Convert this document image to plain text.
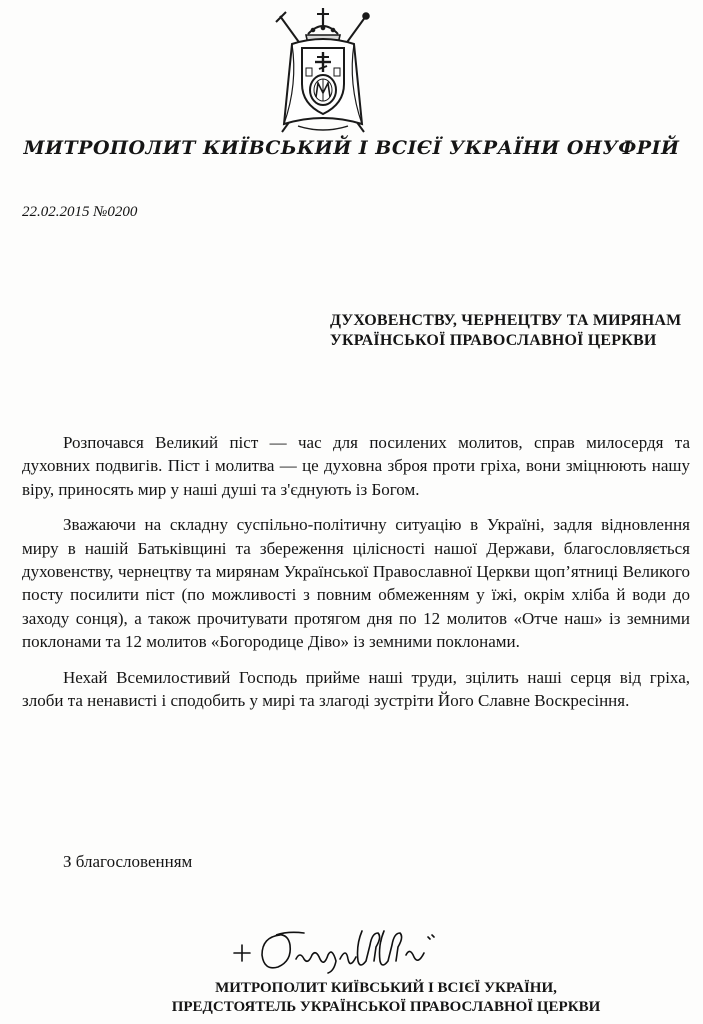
МИТРОПОЛИТ КИЇВСЬКИЙ І ВСІЄЇ УКРАЇНИ ОНУФРІЙ
22.02.2015 №0200
ДУХОВЕНСТВУ, ЧЕРНЕЦТВУ ТА МИРЯНАМ
УКРАЇНСЬКОЇ ПРАВОСЛАВНОЇ ЦЕРКВИ

Розпочався Великий піст — час для посилених молитов, справ милосердя та духовних подвигів. Піст і молитва — це духовна зброя проти гріха, вони зміцнюють нашу віру, приносять мир у наші душі та з'єднують із Богом.

Зважаючи на складну суспільно-політичну ситуацію в Україні, задля відновлення миру в нашій Батьківщині та збереження цілісності нашої Держави, благословляється духовенству, чернецтву та мирянам Української Православної Церкви щоп’ятниці Великого посту посилити піст (по можливості з повним обмеженням у їжі, окрім хліба й води до заходу сонця), а також прочитувати протягом дня по 12 молитов «Отче наш» із земними поклонами та 12 молитов «Богородице Діво» із земними поклонами.

Нехай Всемилостивий Господь прийме наші труди, зцілить наші серця від гріха, злоби та ненависті і сподобить у мирі та злагоді зустріти Його Славне Воскресіння.

З благословенням
МИТРОПОЛИТ КИЇВСЬКИЙ І ВСІЄЇ УКРАЇНИ,
ПРЕДСТОЯТЕЛЬ УКРАЇНСЬКОЇ ПРАВОСЛАВНОЇ ЦЕРКВИ
